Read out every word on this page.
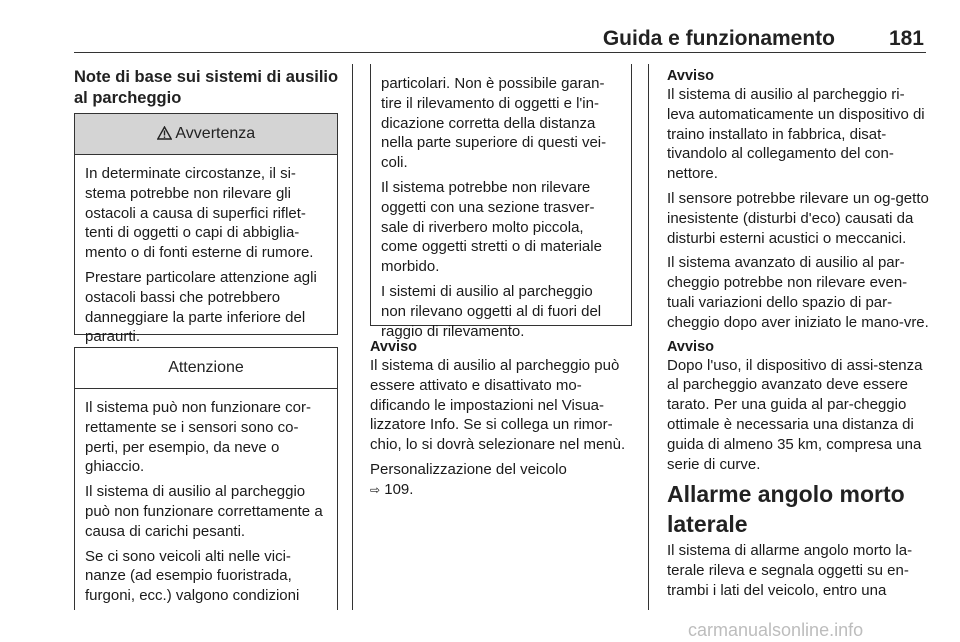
Guida e funzionamento	181
Note di base sui sistemi di ausilio al parcheggio
Avvertenza

In determinate circostanze, il si-stema potrebbe non rilevare gli ostacoli a causa di superfici riflet-tenti di oggetti o capi di abbiglia-mento o di fonti esterne di rumore.

Prestare particolare attenzione agli ostacoli bassi che potrebbero danneggiare la parte inferiore del paraurti.

Attenzione

Il sistema può non funzionare cor-rettamente se i sensori sono co-perti, per esempio, da neve o ghiaccio.

Il sistema di ausilio al parcheggio può non funzionare correttamente a causa di carichi pesanti.

Se ci sono veicoli alti nelle vici-nanze (ad esempio fuoristrada, furgoni, ecc.) valgono condizioni

particolari. Non è possibile garan-tire il rilevamento di oggetti e l'in-dicazione corretta della distanza nella parte superiore di questi vei-coli.

Il sistema potrebbe non rilevare oggetti con una sezione trasver-sale di riverbero molto piccola, come oggetti stretti o di materiale morbido.

I sistemi di ausilio al parcheggio non rilevano oggetti al di fuori del raggio di rilevamento.

Avviso

Il sistema di ausilio al parcheggio può essere attivato e disattivato mo-dificando le impostazioni nel Visua-lizzatore Info. Se si collega un rimor-chio, lo si dovrà selezionare nel menù.

Personalizzazione del veicolo
⇨ 109.

Avviso

Il sistema di ausilio al parcheggio ri-leva automaticamente un dispositivo di traino installato in fabbrica, disat-tivandolo al collegamento del con-nettore.

Il sensore potrebbe rilevare un og-getto inesistente (disturbi d'eco) causati da disturbi esterni acustici o meccanici.

Il sistema avanzato di ausilio al par-cheggio potrebbe non rilevare even-tuali variazioni dello spazio di par-cheggio dopo aver iniziato le mano-vre.

Avviso

Dopo l'uso, il dispositivo di assi-stenza al parcheggio avanzato deve essere tarato. Per una guida al par-cheggio ottimale è necessaria una distanza di guida di almeno 35 km, compresa una serie di curve.

Allarme angolo morto laterale

Il sistema di allarme angolo morto la-terale rileva e segnala oggetti su en-trambi i lati del veicolo, entro una

carmanualsonline.info
